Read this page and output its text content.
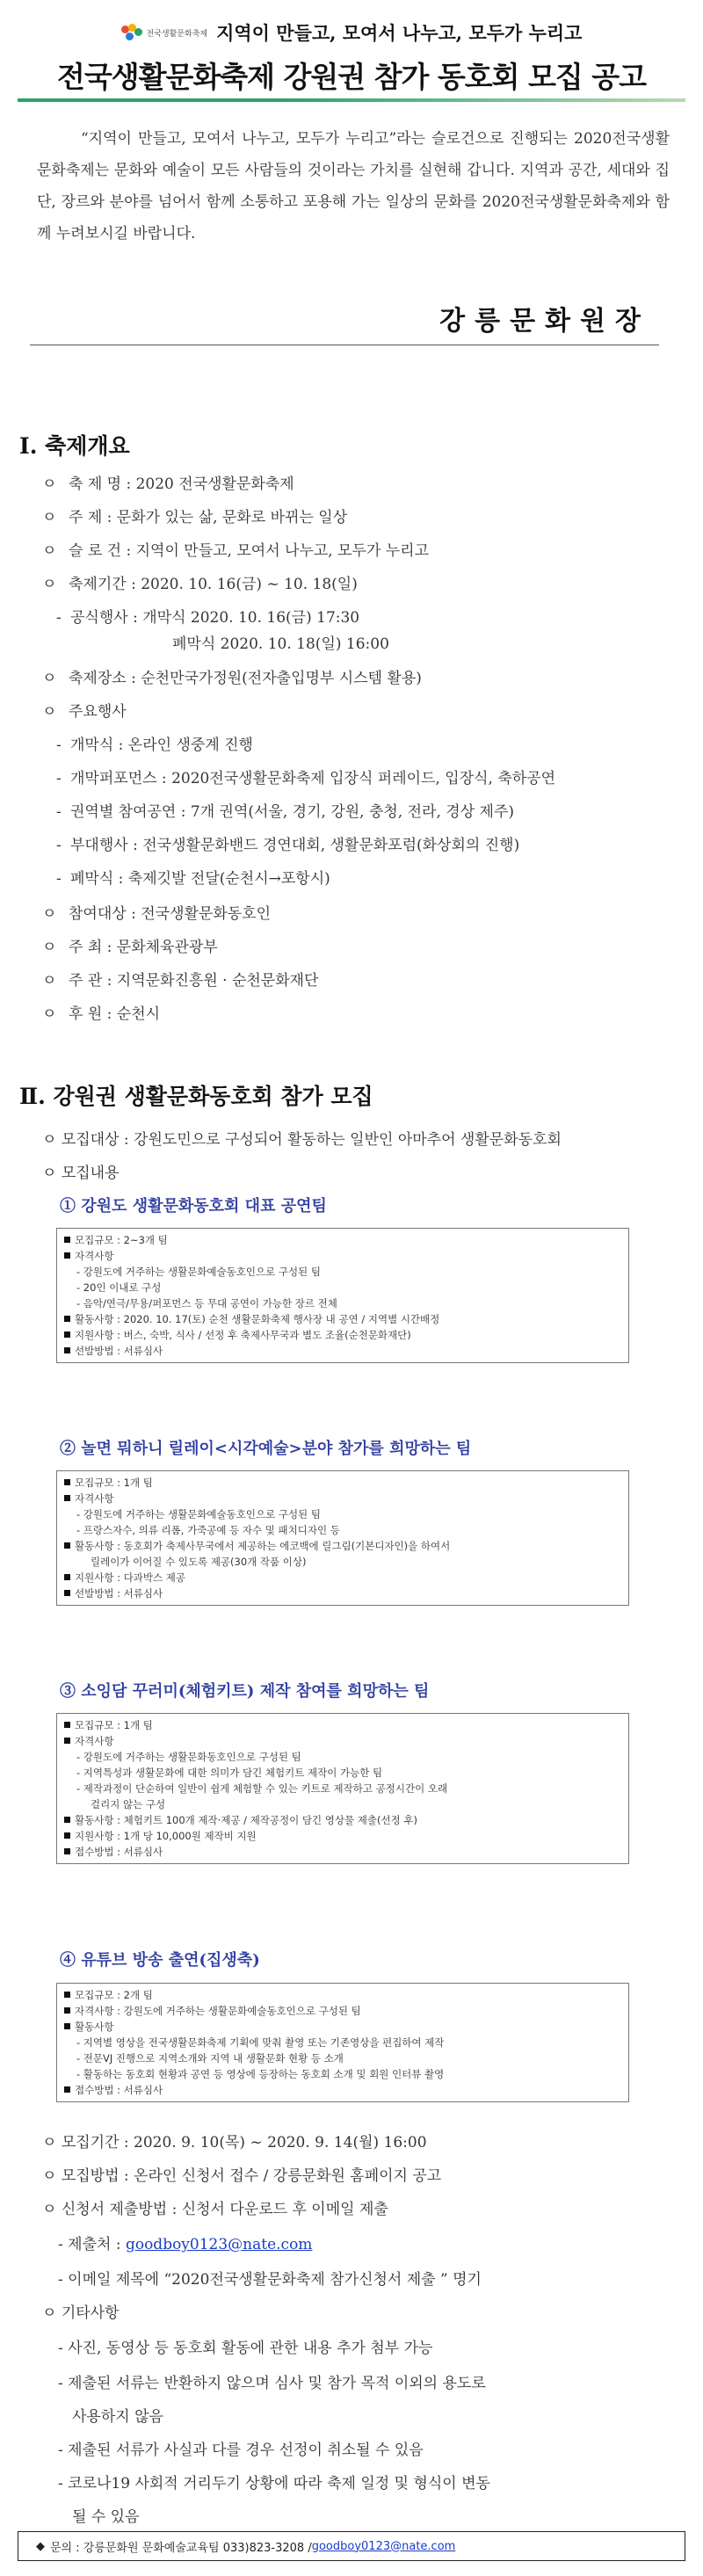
전국생활문화축제 지역이 만들고, 모여서 나누고, 모두가 누리고
전국생활문화축제 강원권 참가 동호회 모집 공고
“지역이 만들고, 모여서 나누고, 모두가 누리고”라는 슬로건으로 진행되는 2020전국생활문화축제는 문화와 예술이 모든 사람들의 것이라는 가치를 실현해 갑니다. 지역과 공간, 세대와 집단, 장르와 분야를 넘어서 함께 소통하고 포용해 가는 일상의 문화를 2020전국생활문화축제와 함께 누려보시길 바랍니다.
강릉문화원장
Ⅰ. 축제개요
ㅇ 축 제 명 : 2020 전국생활문화축제
ㅇ 주 제 : 문화가 있는 삶, 문화로 바뀌는 일상
ㅇ 슬 로 건 : 지역이 만들고, 모여서 나누고, 모두가 누리고
ㅇ 축제기간 : 2020. 10. 16(금) ~ 10. 18(일)
- 공식행사 : 개막식 2020. 10. 16(금) 17:30
폐막식 2020. 10. 18(일) 16:00
ㅇ 축제장소 : 순천만국가정원(전자출입명부 시스템 활용)
ㅇ 주요행사
- 개막식 : 온라인 생중계 진행
- 개막퍼포먼스 : 2020전국생활문화축제 입장식 퍼레이드, 입장식, 축하공연
- 권역별 참여공연 : 7개 권역(서울, 경기, 강원, 충청, 전라, 경상 제주)
- 부대행사 : 전국생활문화밴드 경연대회, 생활문화포럼(화상회의 진행)
- 폐막식 : 축제깃발 전달(순천시→포항시)
ㅇ 참여대상 : 전국생활문화동호인
ㅇ 주 최 : 문화체육관광부
ㅇ 주 관 : 지역문화진흥원 · 순천문화재단
ㅇ 후 원 : 순천시
Ⅱ. 강원권 생활문화동호회 참가 모집
ㅇ 모집대상 : 강원도민으로 구성되어 활동하는 일반인 아마추어 생활문화동호회
ㅇ 모집내용
① 강원도 생활문화동호회 대표 공연팀
모집규모 : 2~3개 팀
자격사항
- 강원도에 거주하는 생활문화예술동호인으로 구성된 팀
- 20인 이내로 구성
- 음악/연극/무용/퍼포먼스 등 무대 공연이 가능한 장르 전체
활동사항 : 2020. 10. 17(토) 순천 생활문화축제 행사장 내 공연 / 지역별 시간배정
지원사항 : 버스, 숙박, 식사 / 선정 후 축제사무국과 별도 조율(순천문화재단)
선발방법 : 서류심사
② 놀면 뭐하니 릴레이<시각예술>분야 참가를 희망하는 팀
모집규모 : 1개 팀
자격사항
- 강원도에 거주하는 생활문화예술동호인으로 구성된 팀
- 프랑스자수, 의류 리폼, 가죽공예 등 자수 및 패치디자인 등
활동사항 : 동호회가 축제사무국에서 제공하는 에코백에 릴그림(기본디자인)을 하여서
릴레이가 이어질 수 있도록 제공(30개 작품 이상)
지원사항 : 다과박스 제공
선발방법 : 서류심사
③ 소잉담 꾸러미(체험키트) 제작 참여를 희망하는 팀
모집규모 : 1개 팀
자격사항
- 강원도에 거주하는 생활문화동호인으로 구성된 팀
- 지역특성과 생활문화에 대한 의미가 담긴 체험키트 제작이 가능한 팀
- 제작과정이 단순하여 일반이 쉽게 체험할 수 있는 키트로 제작하고 공정시간이 오래
걸리지 않는 구성
활동사항 : 체험키트 100개 제작·제공 / 제작공정이 담긴 영상물 제출(선정 후)
지원사항 : 1개 당 10,000원 제작비 지원
접수방법 : 서류심사
④ 유튜브 방송 출연(집생축)
모집규모 : 2개 팀
자격사항 : 강원도에 거주하는 생활문화예술동호인으로 구성된 팀
활동사항
- 지역별 영상을 전국생활문화축제 기획에 맞춰 촬영 또는 기존영상을 편집하여 제작
- 전문VJ 진행으로 지역소개와 지역 내 생활문화 현황 등 소개
- 활동하는 동호회 현황과 공연 등 영상에 등장하는 동호회 소개 및 회원 인터뷰 촬영
접수방법 : 서류심사
ㅇ 모집기간 : 2020. 9. 10(목) ~ 2020. 9. 14(월) 16:00
ㅇ 모집방법 : 온라인 신청서 접수 / 강릉문화원 홈페이지 공고
ㅇ 신청서 제출방법 : 신청서 다운로드 후 이메일 제출
- 제출처 : goodboy0123@nate.com
- 이메일 제목에 “2020전국생활문화축제 참가신청서 제출 ” 명기
ㅇ 기타사항
- 사진, 동영상 등 동호회 활동에 관한 내용 추가 첨부 가능
- 제출된 서류는 반환하지 않으며 심사 및 참가 목적 이외의 용도로
사용하지 않음
- 제출된 서류가 사실과 다를 경우 선정이 취소될 수 있음
- 코로나19 사회적 거리두기 상황에 따라 축제 일정 및 형식이 변동
될 수 있음
◆ 문의 : 강릉문화원 문화예술교육팀 033)823-3208 / goodboy0123@nate.com
